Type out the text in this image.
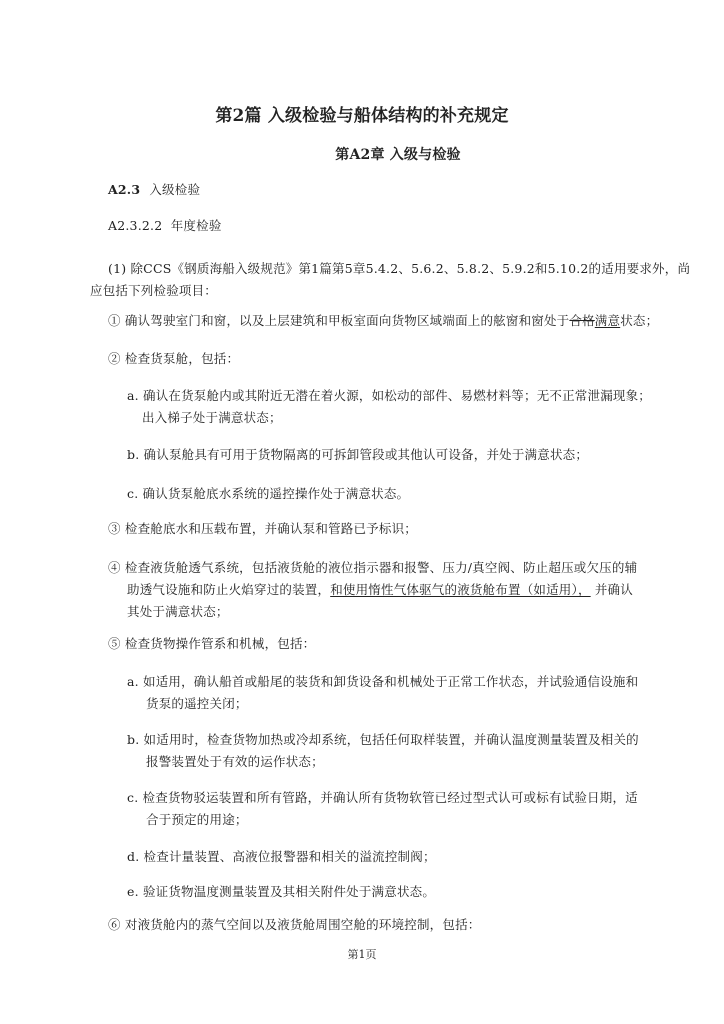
第2篇 入级检验与船体结构的补充规定
第A2章 入级与检验
A2.3 入级检验
A2.3.2.2 年度检验
(1) 除CCS《钢质海船入级规范》第1篇第5章5.4.2、5.6.2、5.8.2、5.9.2和5.10.2的适用要求外，尚
应包括下列检验项目：
① 确认驾驶室门和窗，以及上层建筑和甲板室面向货物区域端面上的舷窗和窗处于合格满意状态；
② 检查货泵舱，包括：
a. 确认在货泵舱内或其附近无潜在着火源，如松动的部件、易燃材料等；无不正常泄漏现象；
出入梯子处于满意状态；
b. 确认泵舱具有可用于货物隔离的可拆卸管段或其他认可设备，并处于满意状态；
c. 确认货泵舱底水系统的遥控操作处于满意状态。
③ 检查舱底水和压载布置，并确认泵和管路已予标识；
④ 检查液货舱透气系统，包括液货舱的液位指示器和报警、压力/真空阀、防止超压或欠压的辅
助透气设施和防止火焰穿过的装置，和使用惰性气体驱气的液货舱布置（如适用）， 并确认
其处于满意状态；
⑤ 检查货物操作管系和机械，包括：
a. 如适用，确认船首或船尾的装货和卸货设备和机械处于正常工作状态，并试验通信设施和
货泵的遥控关闭；
b. 如适用时，检查货物加热或冷却系统，包括任何取样装置，并确认温度测量装置及相关的
报警装置处于有效的运作状态；
c. 检查货物驳运装置和所有管路，并确认所有货物软管已经过型式认可或标有试验日期，适
合于预定的用途；
d. 检查计量装置、高液位报警器和相关的溢流控制阀；
e. 验证货物温度测量装置及其相关附件处于满意状态。
⑥ 对液货舱内的蒸气空间以及液货舱周围空舱的环境控制，包括：
第1页
